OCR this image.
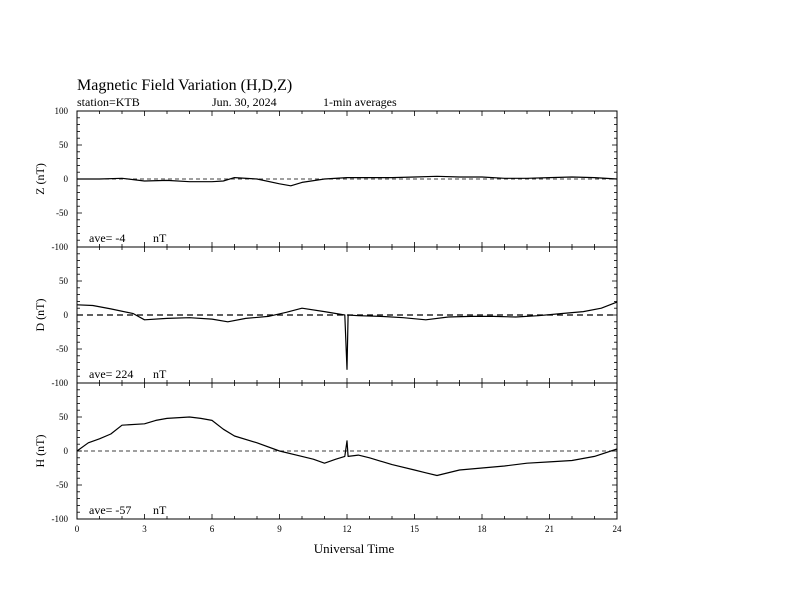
Magnetic Field Variation (H,D,Z)
station=KTB	Jun. 30, 2024	1-min averages
Universal Time
100
50
0
-50
-100
Z (nT)
ave= -4 nT
50
0
-50
-100
D (nT)
ave= 224 nT
50
0
-50
-100
H (nT)
ave= -57 nT
0	3	6	9	12	15	18	21	24
